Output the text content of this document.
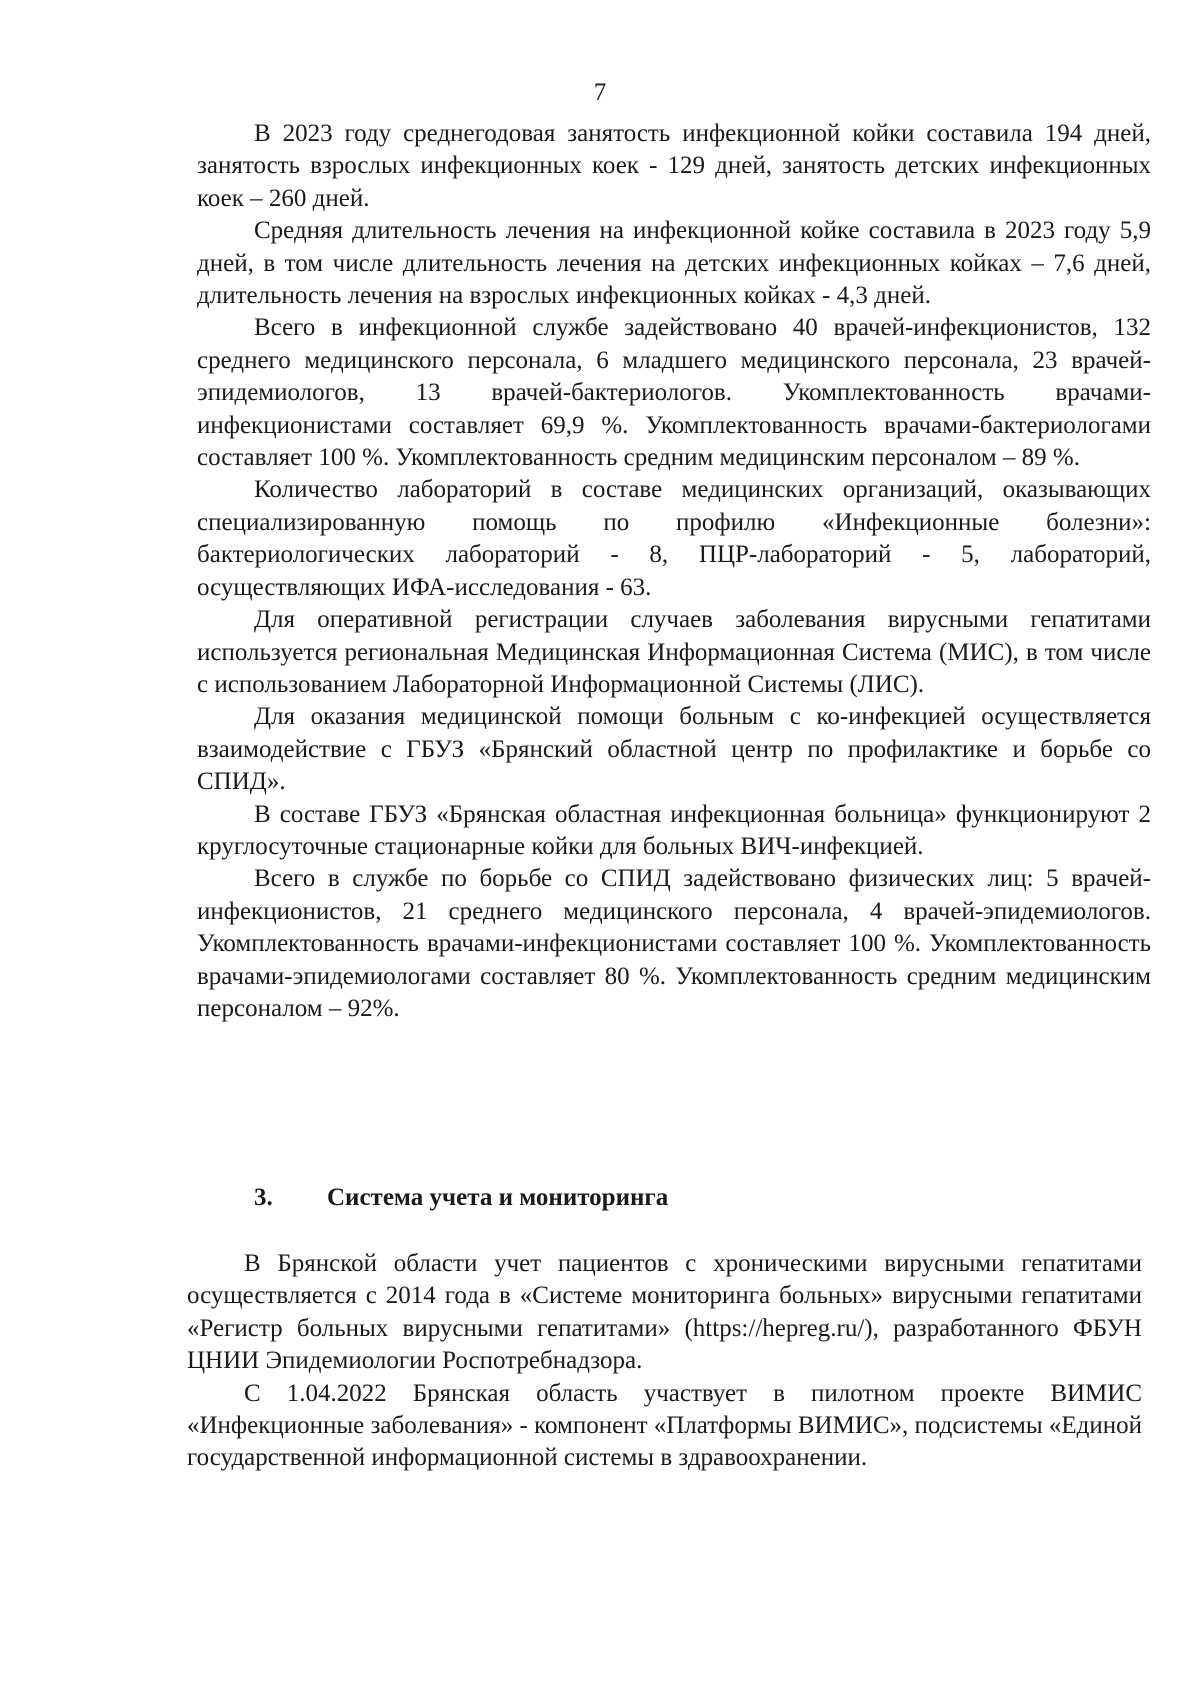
7

В 2023 году среднегодовая занятость инфекционной койки составила 194 дней, занятость взрослых инфекционных коек - 129 дней, занятость детских инфекционных коек – 260 дней.

Средняя длительность лечения на инфекционной койке составила в 2023 году 5,9 дней, в том числе длительность лечения на детских инфекционных койках – 7,6 дней, длительность лечения на взрослых инфекционных койках - 4,3 дней.

Всего в инфекционной службе задействовано 40 врачей-инфекционистов, 132 среднего медицинского персонала, 6 младшего медицинского персонала, 23 врачей-эпидемиологов, 13 врачей-бактериологов. Укомплектованность врачами-инфекционистами составляет 69,9 %. Укомплектованность врачами-бактериологами составляет 100 %. Укомплектованность средним медицинским персоналом – 89 %.

Количество лабораторий в составе медицинских организаций, оказывающих специализированную помощь по профилю «Инфекционные болезни»: бактериологических лабораторий - 8, ПЦР-лабораторий - 5, лабораторий, осуществляющих ИФА-исследования - 63.

Для оперативной регистрации случаев заболевания вирусными гепатитами используется региональная Медицинская Информационная Система (МИС), в том числе с использованием Лабораторной Информационной Системы (ЛИС).

Для оказания медицинской помощи больным с ко-инфекцией осуществляется взаимодействие с ГБУЗ «Брянский областной центр по профилактике и борьбе со СПИД».

В составе ГБУЗ «Брянская областная инфекционная больница» функционируют 2 круглосуточные стационарные койки для больных ВИЧ-инфекцией.

Всего в службе по борьбе со СПИД задействовано физических лиц: 5 врачей-инфекционистов, 21 среднего медицинского персонала, 4 врачей-эпидемиологов. Укомплектованность врачами-инфекционистами составляет 100 %. Укомплектованность врачами-эпидемиологами составляет 80 %. Укомплектованность средним медицинским персоналом – 92%.

3. Система учета и мониторинга

В Брянской области учет пациентов с хроническими вирусными гепатитами осуществляется с 2014 года в «Системе мониторинга больных» вирусными гепатитами «Регистр больных вирусными гепатитами» (https://hepreg.ru/), разработанного ФБУН ЦНИИ Эпидемиологии Роспотребнадзора.

С 1.04.2022 Брянская область участвует в пилотном проекте ВИМИС «Инфекционные заболевания» - компонент «Платформы ВИМИС», подсистемы «Единой государственной информационной системы в здравоохранении.
